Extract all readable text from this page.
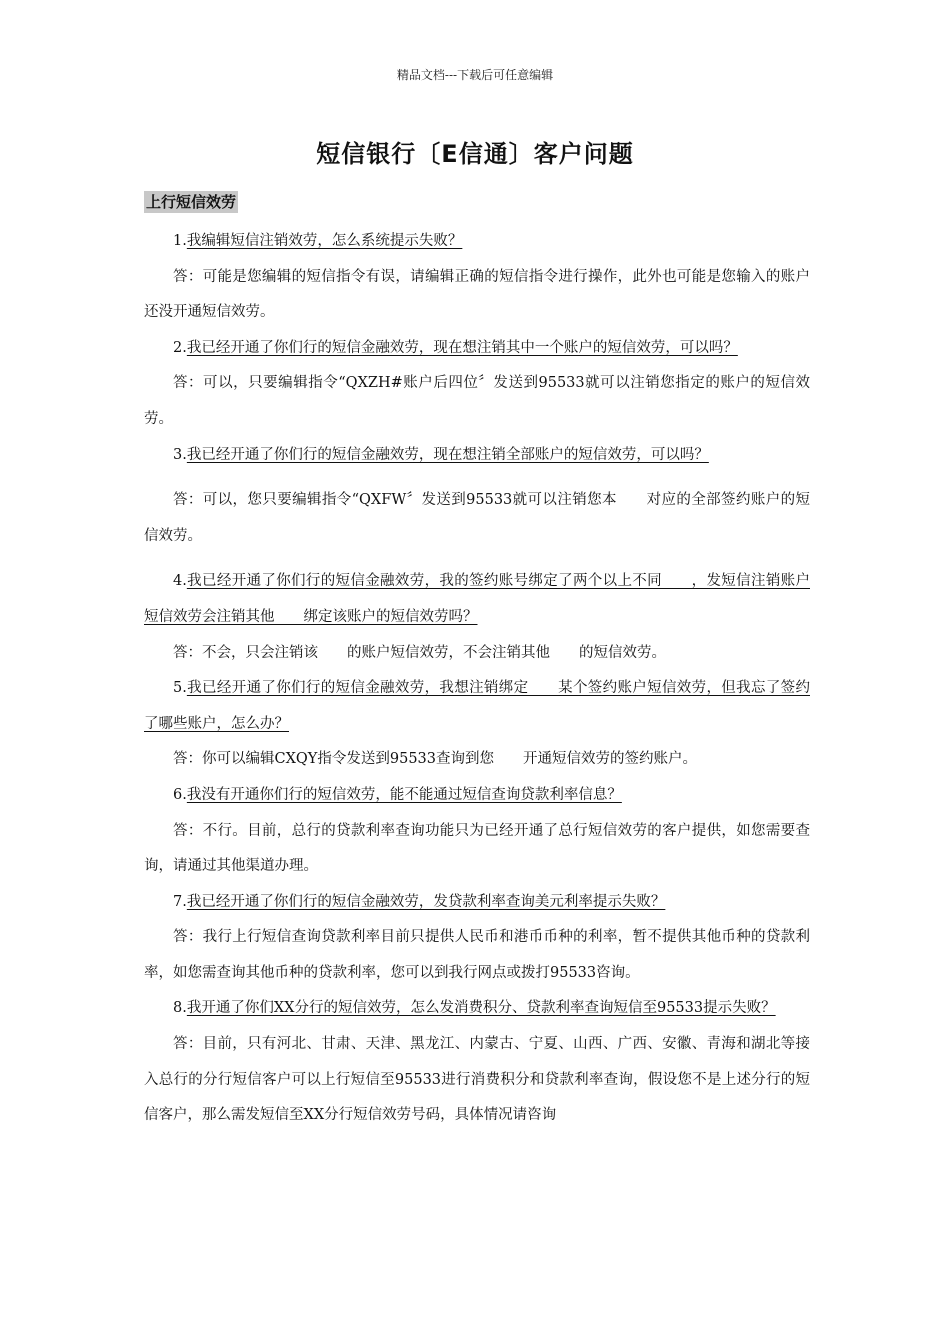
精品文档---下载后可任意编辑
短信银行〔E信通〕客户问题
上行短信效劳

1.我编辑短信注销效劳，怎么系统提示失败？

答：可能是您编辑的短信指令有误，请编辑正确的短信指令进行操作，此外也可能是您输入的账户还没开通短信效劳。

2.我已经开通了你们行的短信金融效劳，现在想注销其中一个账户的短信效劳，可以吗？

答：可以，只要编辑指令“QXZH#账户后四位〞发送到95533就可以注销您指定的账户的短信效劳。

3.我已经开通了你们行的短信金融效劳，现在想注销全部账户的短信效劳，可以吗？

答：可以，您只要编辑指令“QXFW〞发送到95533就可以注销您本　　对应的全部签约账户的短信效劳。

4.我已经开通了你们行的短信金融效劳，我的签约账号绑定了两个以上不同　　，发短信注销账户短信效劳会注销其他　　绑定该账户的短信效劳吗？

答：不会，只会注销该　　的账户短信效劳，不会注销其他　　的短信效劳。

5.我已经开通了你们行的短信金融效劳，我想注销绑定　　某个签约账户短信效劳，但我忘了签约了哪些账户，怎么办？

答：你可以编辑CXQY指令发送到95533查询到您　　开通短信效劳的签约账户。

6.我没有开通你们行的短信效劳，能不能通过短信查询贷款利率信息？

答：不行。目前，总行的贷款利率查询功能只为已经开通了总行短信效劳的客户提供，如您需要查询，请通过其他渠道办理。

7.我已经开通了你们行的短信金融效劳，发贷款利率查询美元利率提示失败？

答：我行上行短信查询贷款利率目前只提供人民币和港币币种的利率，暂不提供其他币种的贷款利率，如您需查询其他币种的贷款利率，您可以到我行网点或拨打95533咨询。

8.我开通了你们XX分行的短信效劳，怎么发消费积分、贷款利率查询短信至95533提示失败？

答：目前，只有河北、甘肃、天津、黑龙江、内蒙古、宁夏、山西、广西、安徽、青海和湖北等接入总行的分行短信客户可以上行短信至95533进行消费积分和贷款利率查询，假设您不是上述分行的短信客户，那么需发短信至XX分行短信效劳号码，具体情况请咨询
